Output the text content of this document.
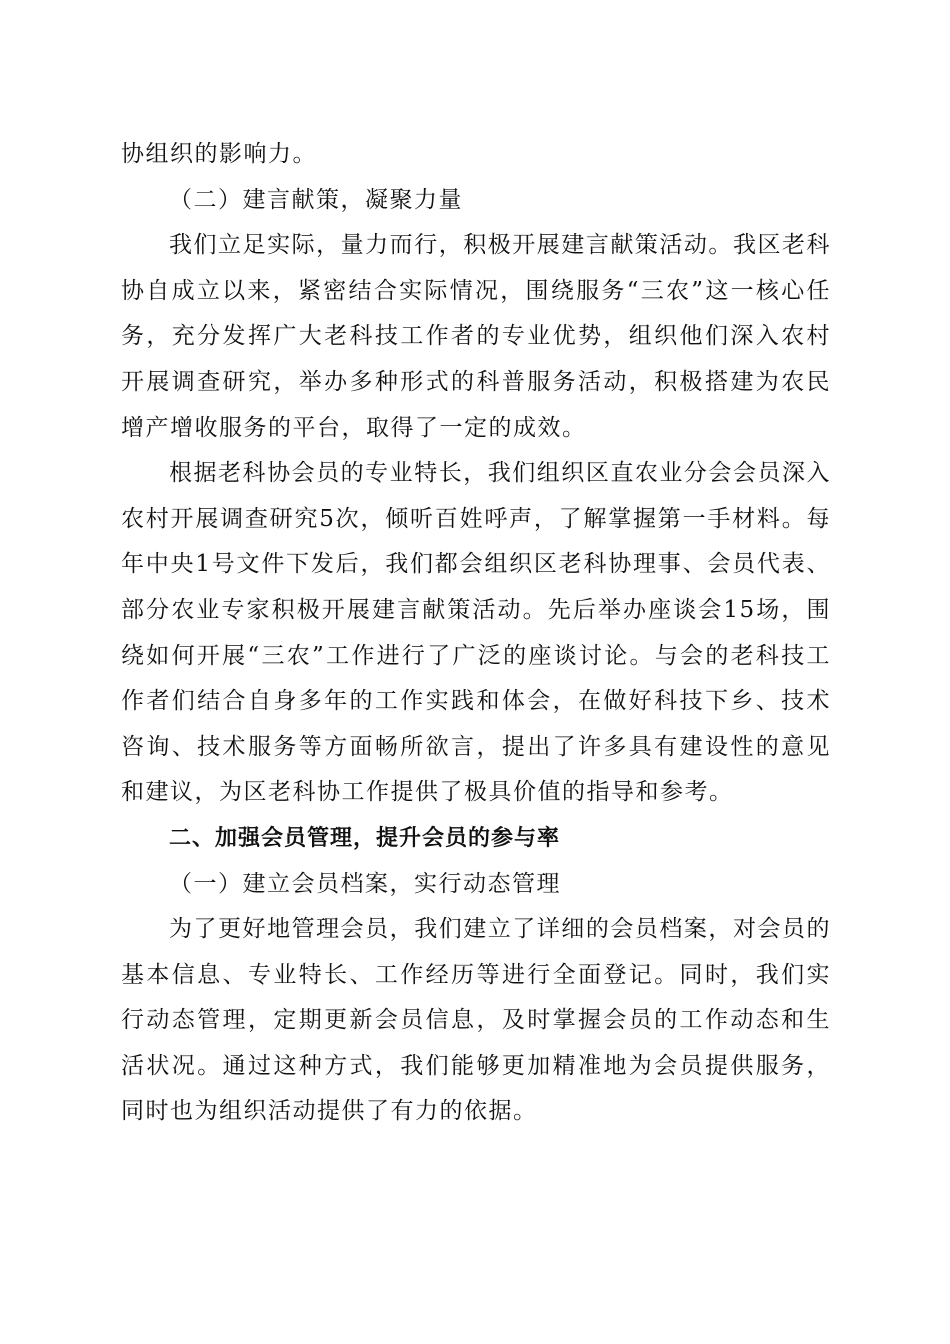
协组织的影响力。

（二）建言献策，凝聚力量

我们立足实际，量力而行，积极开展建言献策活动。我区老科协自成立以来，紧密结合实际情况，围绕服务“三农”这一核心任务，充分发挥广大老科技工作者的专业优势，组织他们深入农村开展调查研究，举办多种形式的科普服务活动，积极搭建为农民增产增收服务的平台，取得了一定的成效。

根据老科协会员的专业特长，我们组织区直农业分会会员深入农村开展调查研究5次，倾听百姓呼声，了解掌握第一手材料。每年中央1号文件下发后，我们都会组织区老科协理事、会员代表、部分农业专家积极开展建言献策活动。先后举办座谈会15场，围绕如何开展“三农”工作进行了广泛的座谈讨论。与会的老科技工作者们结合自身多年的工作实践和体会，在做好科技下乡、技术咨询、技术服务等方面畅所欲言，提出了许多具有建设性的意见和建议，为区老科协工作提供了极具价值的指导和参考。

二、加强会员管理，提升会员的参与率

（一）建立会员档案，实行动态管理

为了更好地管理会员，我们建立了详细的会员档案，对会员的基本信息、专业特长、工作经历等进行全面登记。同时，我们实行动态管理，定期更新会员信息，及时掌握会员的工作动态和生活状况。通过这种方式，我们能够更加精准地为会员提供服务，同时也为组织活动提供了有力的依据。
